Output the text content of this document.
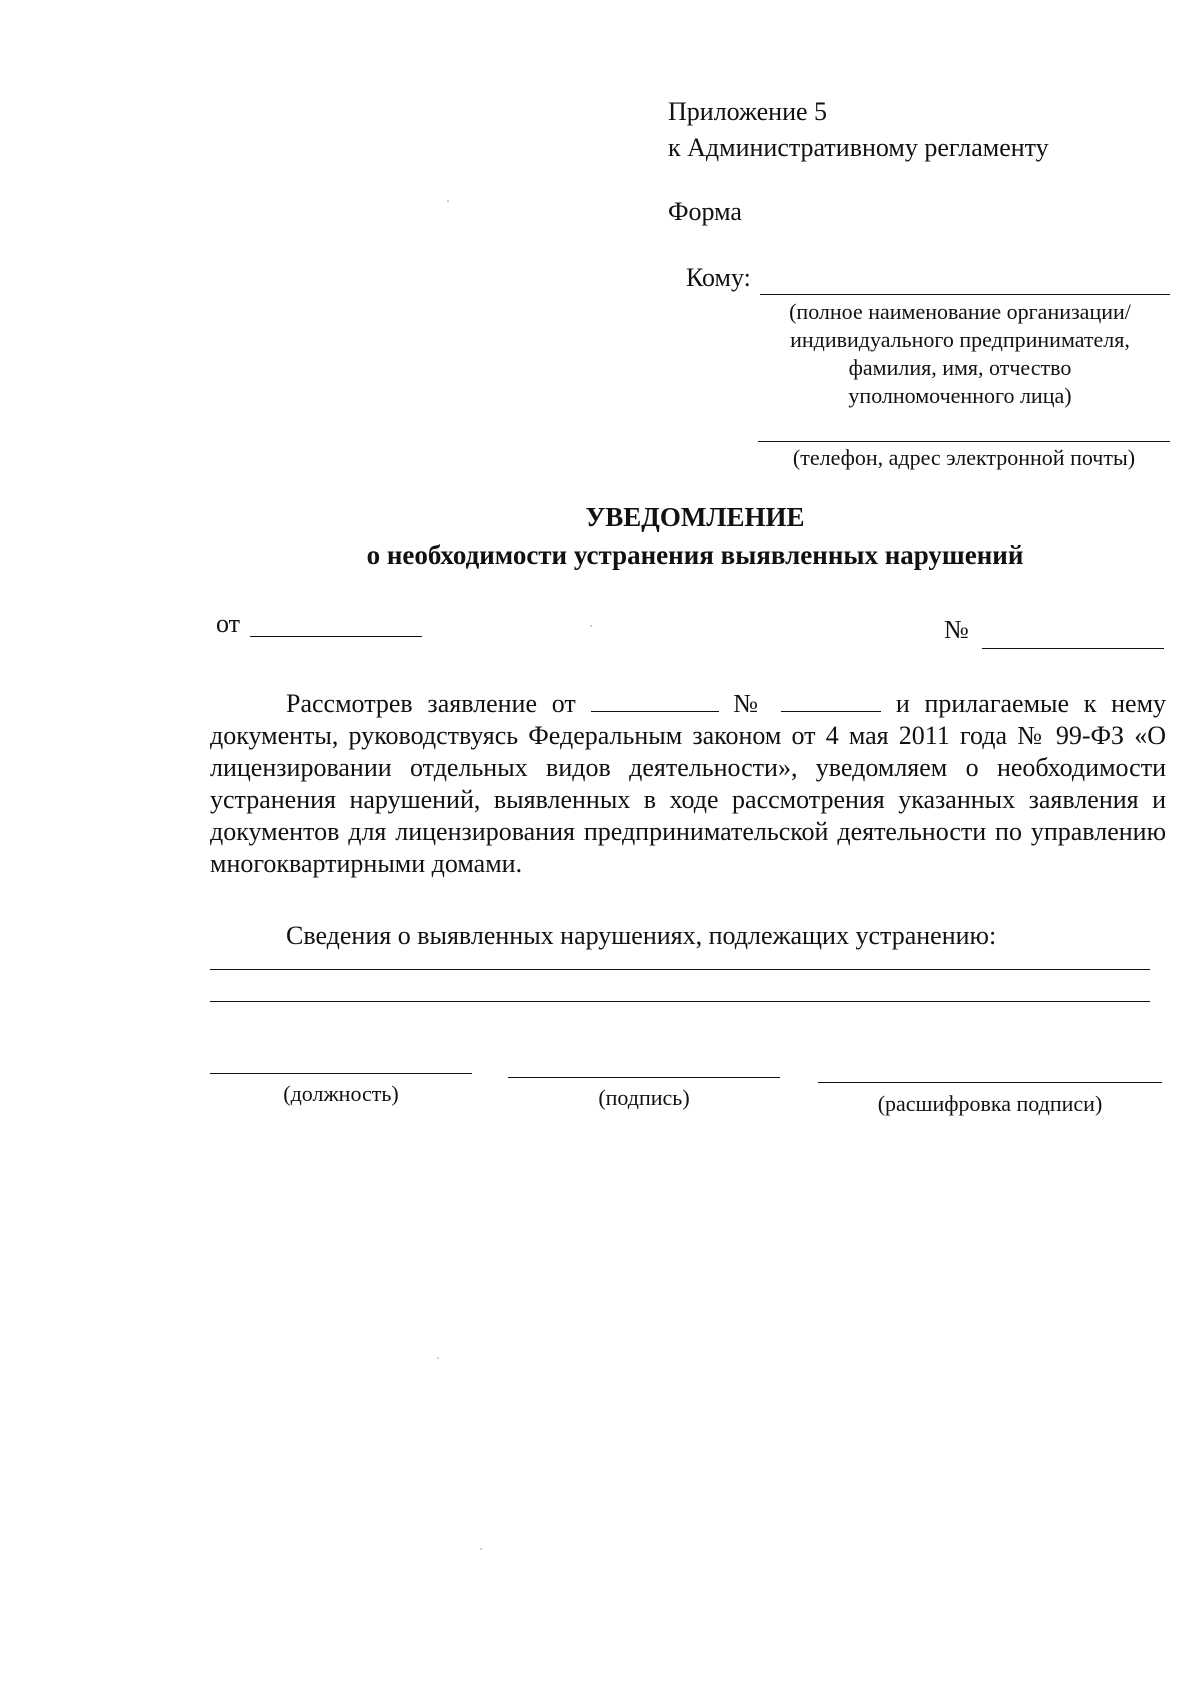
Приложение 5
к Административному регламенту
Форма
Кому:
(полное наименование организации/
индивидуального предпринимателя,
фамилия, имя, отчество
уполномоченного лица)
(телефон, адрес электронной почты)
УВЕДОМЛЕНИЕ
о необходимости устранения выявленных нарушений
от	№
Рассмотрев заявление от	№	и прилагаемые к нему документы, руководствуясь Федеральным законом от 4 мая 2011 года № 99-ФЗ «О лицензировании отдельных видов деятельности», уведомляем о необходимости устранения нарушений, выявленных в ходе рассмотрения указанных заявления и документов для лицензирования предпринимательской деятельности по управлению многоквартирными домами.
Сведения о выявленных нарушениях, подлежащих устранению:
(должность)	(подпись)	(расшифровка подписи)
